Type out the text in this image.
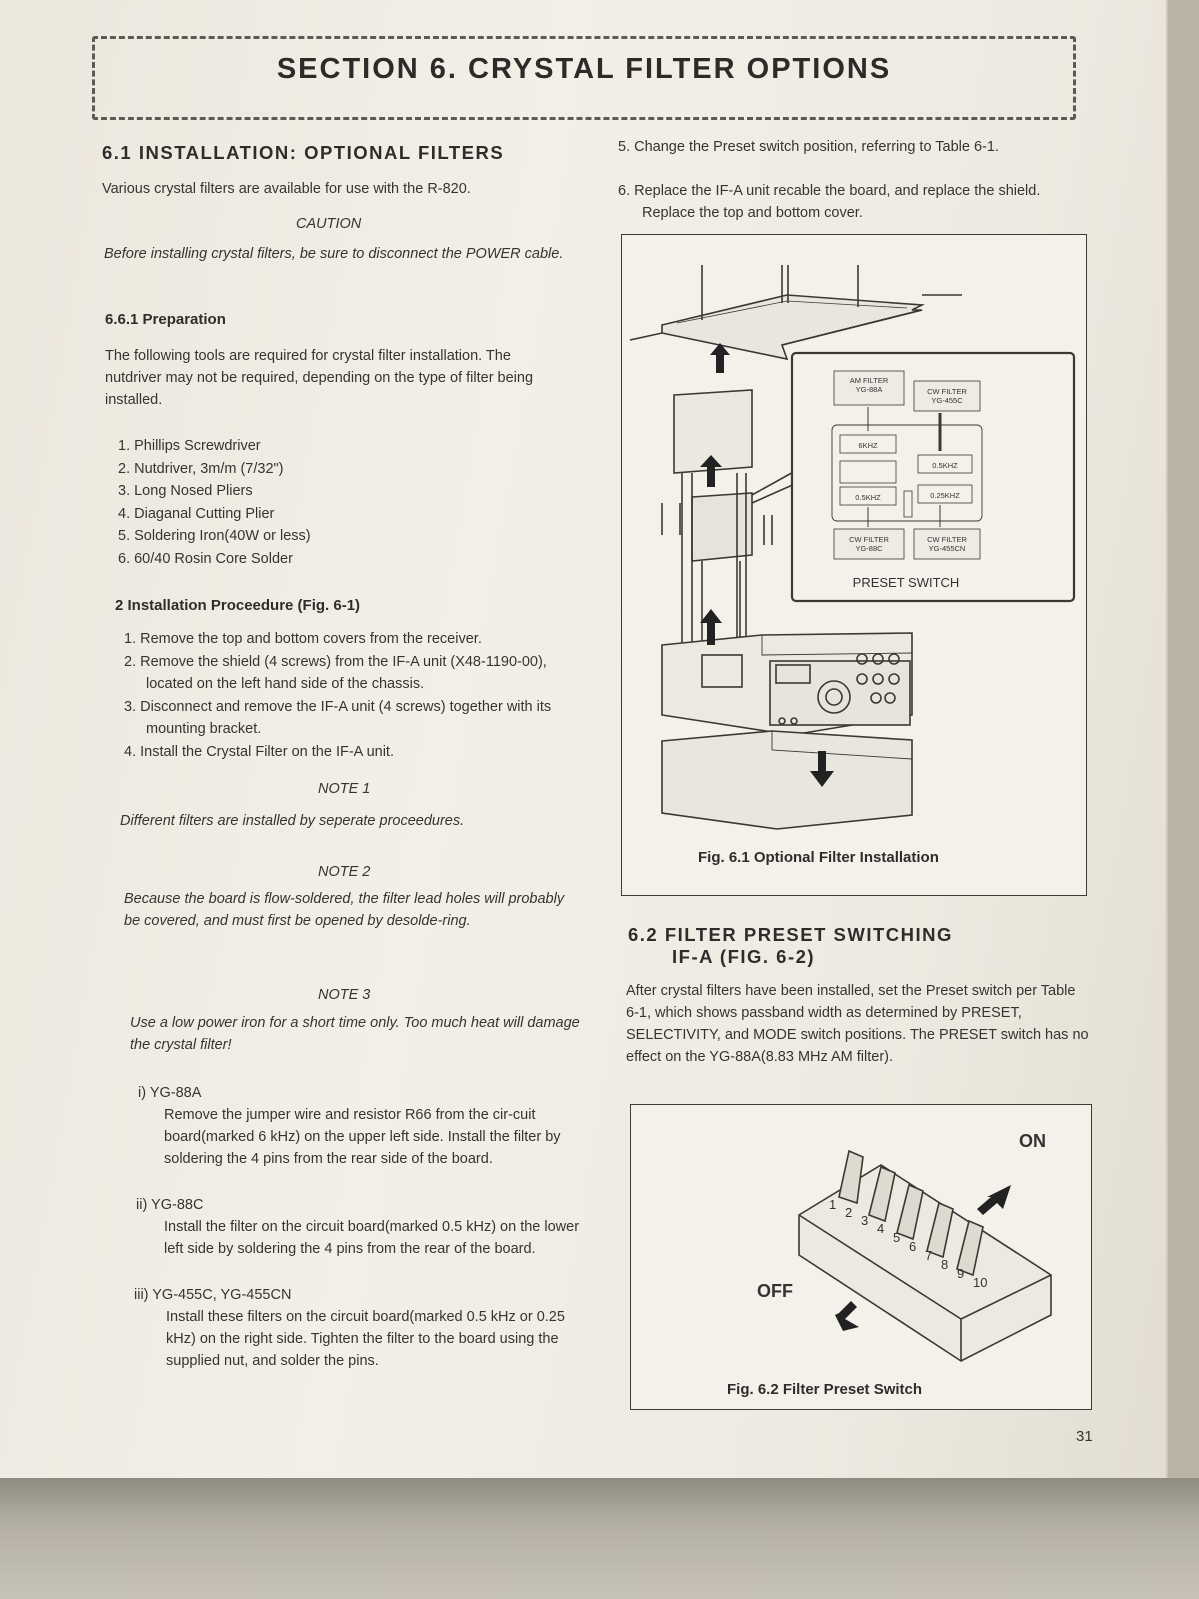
SECTION 6. CRYSTAL FILTER OPTIONS
6.1 INSTALLATION: OPTIONAL FILTERS
Various crystal filters are available for use with the R-820.
CAUTION
Before installing crystal filters, be sure to disconnect the POWER cable.
6.6.1 Preparation
The following tools are required for crystal filter installation. The nutdriver may not be required, depending on the type of filter being installed.
1. Phillips Screwdriver
2. Nutdriver, 3m/m (7/32")
3. Long Nosed Pliers
4. Diaganal Cutting Plier
5. Soldering Iron(40W or less)
6. 60/40 Rosin Core Solder
2 Installation Proceedure (Fig. 6-1)
1. Remove the top and bottom covers from the receiver.
2. Remove the shield (4 screws) from the IF-A unit (X48-1190-00), located on the left hand side of the chassis.
3. Disconnect and remove the IF-A unit (4 screws) together with its mounting bracket.
4. Install the Crystal Filter on the IF-A unit.
NOTE 1
Different filters are installed by seperate proceedures.
NOTE 2
Because the board is flow-soldered, the filter lead holes will probably be covered, and must first be opened by desolde-ring.
NOTE 3
Use a low power iron for a short time only. Too much heat will damage the crystal filter!
i) YG-88A
Remove the jumper wire and resistor R66 from the cir-cuit board(marked 6 kHz) on the upper left side. Install the filter by soldering the 4 pins from the rear side of the board.
ii) YG-88C
Install the filter on the circuit board(marked 0.5 kHz) on the lower left side by soldering the 4 pins from the rear of the board.
iii) YG-455C, YG-455CN
Install these filters on the circuit board(marked 0.5 kHz or 0.25 kHz) on the right side. Tighten the filter to the board using the supplied nut, and solder the pins.
5. Change the Preset switch position, referring to Table 6-1.
6. Replace the IF-A unit recable the board, and replace the shield. Replace the top and bottom cover.
AM FILTER
YG-88A	CW FILTER
YG-455C
6KHZ
0.5KHZ
0.5KHZ	0.25KHZ
CW FILTER
YG-88C
CW FILTER
YG-455CN
PRESET SWITCH
Fig. 6.1 Optional Filter Installation
6.2 FILTER PRESET SWITCHING
IF-A (FIG. 6-2)
After crystal filters have been installed, set the Preset switch per Table 6-1, which shows passband width as determined by PRESET, SELECTIVITY, and MODE switch positions. The PRESET switch has no effect on the YG-88A(8.83 MHz AM filter).
1
2
3
4
5
6
7
8
9
10
ON
OFF
Fig. 6.2 Filter Preset Switch
31
